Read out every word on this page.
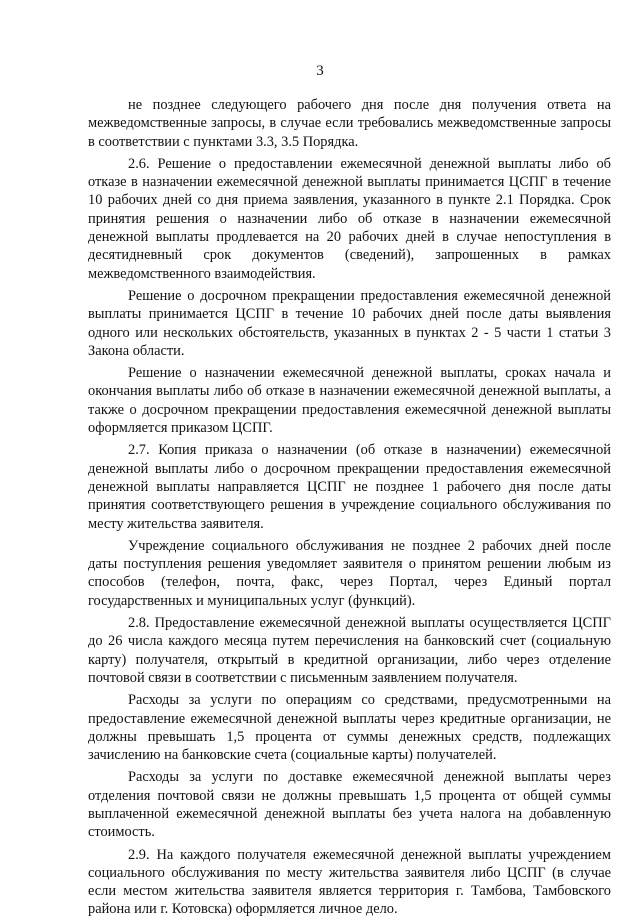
3

не позднее следующего рабочего дня после дня получения ответа на межведомственные запросы, в случае если требовались межведомственные запросы в соответствии с пунктами 3.3, 3.5 Порядка.

2.6. Решение о предоставлении ежемесячной денежной выплаты либо об отказе в назначении ежемесячной денежной выплаты принимается ЦСПГ в течение 10 рабочих дней со дня приема заявления, указанного в пункте 2.1 Порядка. Срок принятия решения о назначении либо об отказе в назначении ежемесячной денежной выплаты продлевается на 20 рабочих дней в случае непоступления в десятидневный срок документов (сведений), запрошенных в рамках межведомственного взаимодействия.

Решение о досрочном прекращении предоставления ежемесячной денежной выплаты принимается ЦСПГ в течение 10 рабочих дней после даты выявления одного или нескольких обстоятельств, указанных в пунктах 2 - 5 части 1 статьи 3 Закона области.

Решение о назначении ежемесячной денежной выплаты, сроках начала и окончания выплаты либо об отказе в назначении ежемесячной денежной выплаты, а также о досрочном прекращении предоставления ежемесячной денежной выплаты оформляется приказом ЦСПГ.

2.7. Копия приказа о назначении (об отказе в назначении) ежемесячной денежной выплаты либо о досрочном прекращении предоставления ежемесячной денежной выплаты направляется ЦСПГ не позднее 1 рабочего дня после даты принятия соответствующего решения в учреждение социального обслуживания по месту жительства заявителя.

Учреждение социального обслуживания не позднее 2 рабочих дней после даты поступления решения уведомляет заявителя о принятом решении любым из способов (телефон, почта, факс, через Портал, через Единый портал государственных и муниципальных услуг (функций).

2.8. Предоставление ежемесячной денежной выплаты осуществляется ЦСПГ до 26 числа каждого месяца путем перечисления на банковский счет (социальную карту) получателя, открытый в кредитной организации, либо через отделение почтовой связи в соответствии с письменным заявлением получателя.

Расходы за услуги по операциям со средствами, предусмотренными на предоставление ежемесячной денежной выплаты через кредитные организации, не должны превышать 1,5 процента от суммы денежных средств, подлежащих зачислению на банковские счета (социальные карты) получателей.

Расходы за услуги по доставке ежемесячной денежной выплаты через отделения почтовой связи не должны превышать 1,5 процента от общей суммы выплаченной ежемесячной денежной выплаты без учета налога на добавленную стоимость.

2.9. На каждого получателя ежемесячной денежной выплаты учреждением социального обслуживания по месту жительства заявителя либо ЦСПГ (в случае если местом жительства заявителя является территория г. Тамбова, Тамбовского района или г. Котовска) оформляется личное дело.
